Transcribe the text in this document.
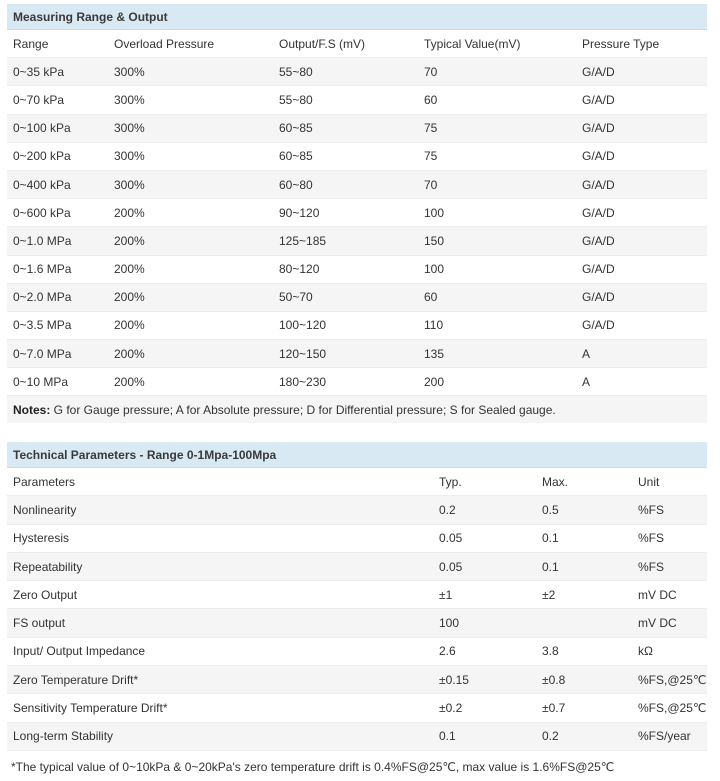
Measuring Range & Output				
Range	Overload Pressure	Output/F.S (mV)	Typical Value(mV)	Pressure Type
0~35 kPa	300%	55~80	70	G/A/D
0~70 kPa	300%	55~80	60	G/A/D
0~100 kPa	300%	60~85	75	G/A/D
0~200 kPa	300%	60~85	75	G/A/D
0~400 kPa	300%	60~80	70	G/A/D
0~600 kPa	200%	90~120	100	G/A/D
0~1.0 MPa	200%	125~185	150	G/A/D
0~1.6 MPa	200%	80~120	100	G/A/D
0~2.0 MPa	200%	50~70	60	G/A/D
0~3.5 MPa	200%	100~120	110	G/A/D
0~7.0 MPa	200%	120~150	135	A
0~10 MPa	200%	180~230	200	A
Notes: G for Gauge pressure; A for Absolute pressure; D for Differential pressure; S for Sealed gauge.				
Technical Parameters - Range 0-1Mpa-100Mpa			
Parameters	Typ.	Max.	Unit
Nonlinearity	0.2	0.5	%FS
Hysteresis	0.05	0.1	%FS
Repeatability	0.05	0.1	%FS
Zero Output	±1	±2	mV DC
FS output	100		mV DC
Input/ Output Impedance	2.6	3.8	kΩ
Zero Temperature Drift*	±0.15	±0.8	%FS,@25℃
Sensitivity Temperature Drift*	±0.2	±0.7	%FS,@25℃
Long-term Stability	0.1	0.2	%FS/year
*The typical value of 0~10kPa & 0~20kPa's zero temperature drift is 0.4%FS@25℃, max value is 1.6%FS@25℃
